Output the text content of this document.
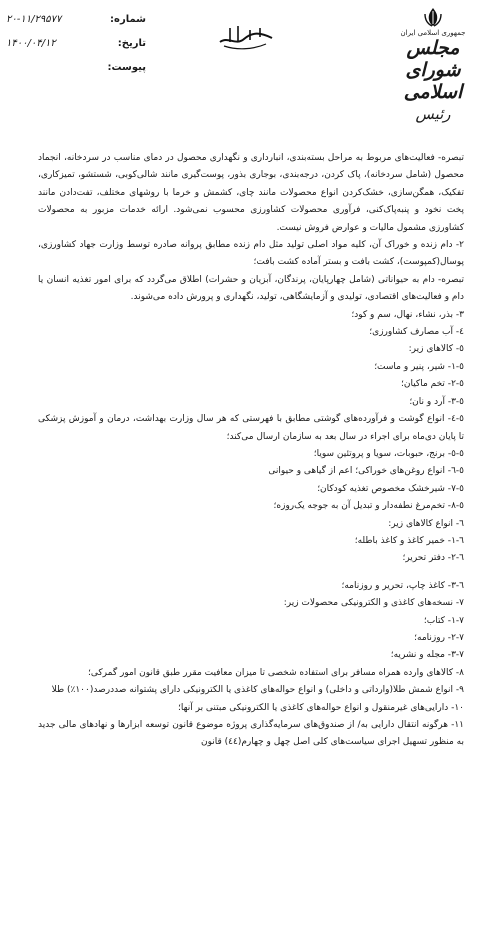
شماره:
۲۰-۱۱/۲۹۵۷۷
تاریخ:
۱۴۰۰/۰۴/۱۲
پیوست:
جمهوری اسلامی ایران
مجلس شورای اسلامی
رئیس

تبصره- فعالیت‌های مربوط به مراحل بسته‌بندی، انبارداری و نگهداری محصول در دمای مناسب در سردخانه، انجماد محصول (شامل سردخانه)، پاک کردن، درجه‌بندی، بوجاری بذور، پوست‌گیری مانند شالی‌کوبی، شستشو، تمیزکاری، تفکیک، همگن‌سازی، خشک‌کردن انواع محصولات مانند چای، کشمش و خرما با روشهای مختلف، تفت‌دادن مانند پخت نخود و پنبه‌پاک‌کنی، فرآوری محصولات کشاورزی محسوب نمی‌شود. ارائه خدمات مزبور به محصولات کشاورزی مشمول مالیات و عوارض فروش نیست.

۲- دام زنده و خوراک آن، کلیه مواد اصلی تولید مثل دام زنده مطابق پروانه صادره توسط وزارت جهاد کشاورزی، پوسال(کمپوست)، کشت بافت و بستر آماده کشت بافت؛

تبصره- دام به حیواناتی (شامل چهارپایان، پرندگان، آبزیان و حشرات) اطلاق می‌گردد که برای امور تغذیه انسان یا دام و فعالیت‌های اقتصادی، تولیدی و آزمایشگاهی، تولید، نگهداری و پرورش داده می‌شوند.

۳- بذر، نشاء، نهال، سم و کود؛

٤- آب مصارف کشاورزی؛

٥- کالاهای زیر:

٥-١- شیر، پنیر و ماست؛

٥-٢- تخم ماکیان؛

٥-٣- آرد و نان؛

٥-٤- انواع گوشت و فرآورده‌های گوشتی مطابق با فهرستی که هر سال وزارت بهداشت، درمان و آموزش پزشکی تا پایان دی‌ماه برای اجراء در سال بعد به سازمان ارسال می‌کند؛

٥-٥- برنج، حبوبات، سویا و پروتئین سویا؛

٥-٦- انواع روغن‌های خوراکی؛ اعم از گیاهی و حیوانی

٥-٧- شیرخشک مخصوص تغذیه کودکان؛

٥-٨- تخم‌مرغ نطفه‌دار و تبدیل آن به جوجه یک‌روزه؛

٦- انواع کالاهای زیر:

٦-١- خمیر کاغذ و کاغذ باطله؛

٦-٢- دفتر تحریر؛

٦-٣- کاغذ چاپ، تحریر و روزنامه؛

٧- نسخه‌های کاغذی و الکترونیکی محصولات زیر:

٧-١- کتاب؛

٧-٢- روزنامه؛

٧-٣- مجله و نشریه؛

٨- کالاهای وارده همراه مسافر برای استفاده شخصی تا میزان معافیت مقرر طبق قانون امور گمرکی؛

٩- انواع شمش طلا(وارداتی و داخلی) و انواع حواله‌های کاغذی یا الکترونیکی دارای پشتوانه صددرصد(۱۰۰٪) طلا

١٠- دارایی‌های غیرمنقول و انواع حواله‌های کاغذی یا الکترونیکی مبتنی بر آنها؛

١١- هرگونه انتقال دارایی به/ از صندوق‌های سرمایه‌گذاری پروژه موضوع قانون توسعه ابزارها و نهادهای مالی جدید به منظور تسهیل اجرای سیاست‌های کلی اصل چهل و چهارم(٤٤) قانون
